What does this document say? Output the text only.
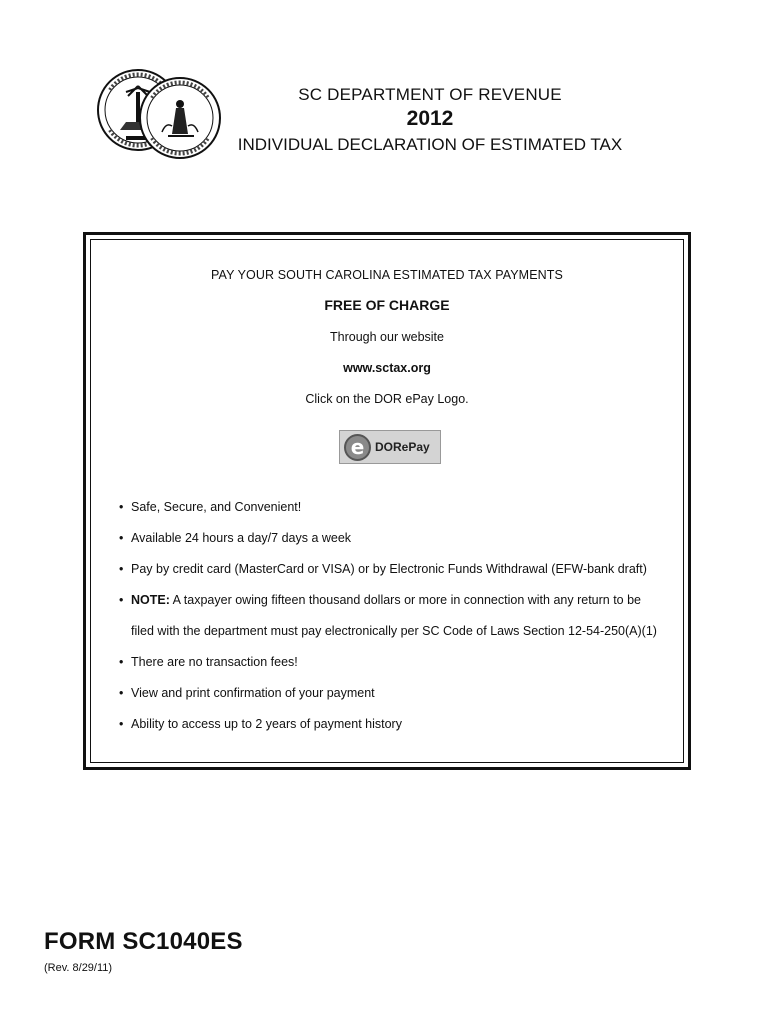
SC DEPARTMENT OF REVENUE
2012
INDIVIDUAL DECLARATION OF ESTIMATED TAX
PAY YOUR SOUTH CAROLINA ESTIMATED TAX PAYMENTS
FREE OF CHARGE
Through our website
www.sctax.org
Click on the DOR ePay Logo.
e DORePay
• Safe, Secure, and Convenient!
• Available 24 hours a day/7 days a week
• Pay by credit card (MasterCard or VISA) or by Electronic Funds Withdrawal (EFW-bank draft)
• NOTE: A taxpayer owing fifteen thousand dollars or more in connection with any return to be
filed with the department must pay electronically per SC Code of Laws Section 12-54-250(A)(1)
• There are no transaction fees!
• View and print confirmation of your payment
• Ability to access up to 2 years of payment history
FORM SC1040ES
(Rev. 8/29/11)
